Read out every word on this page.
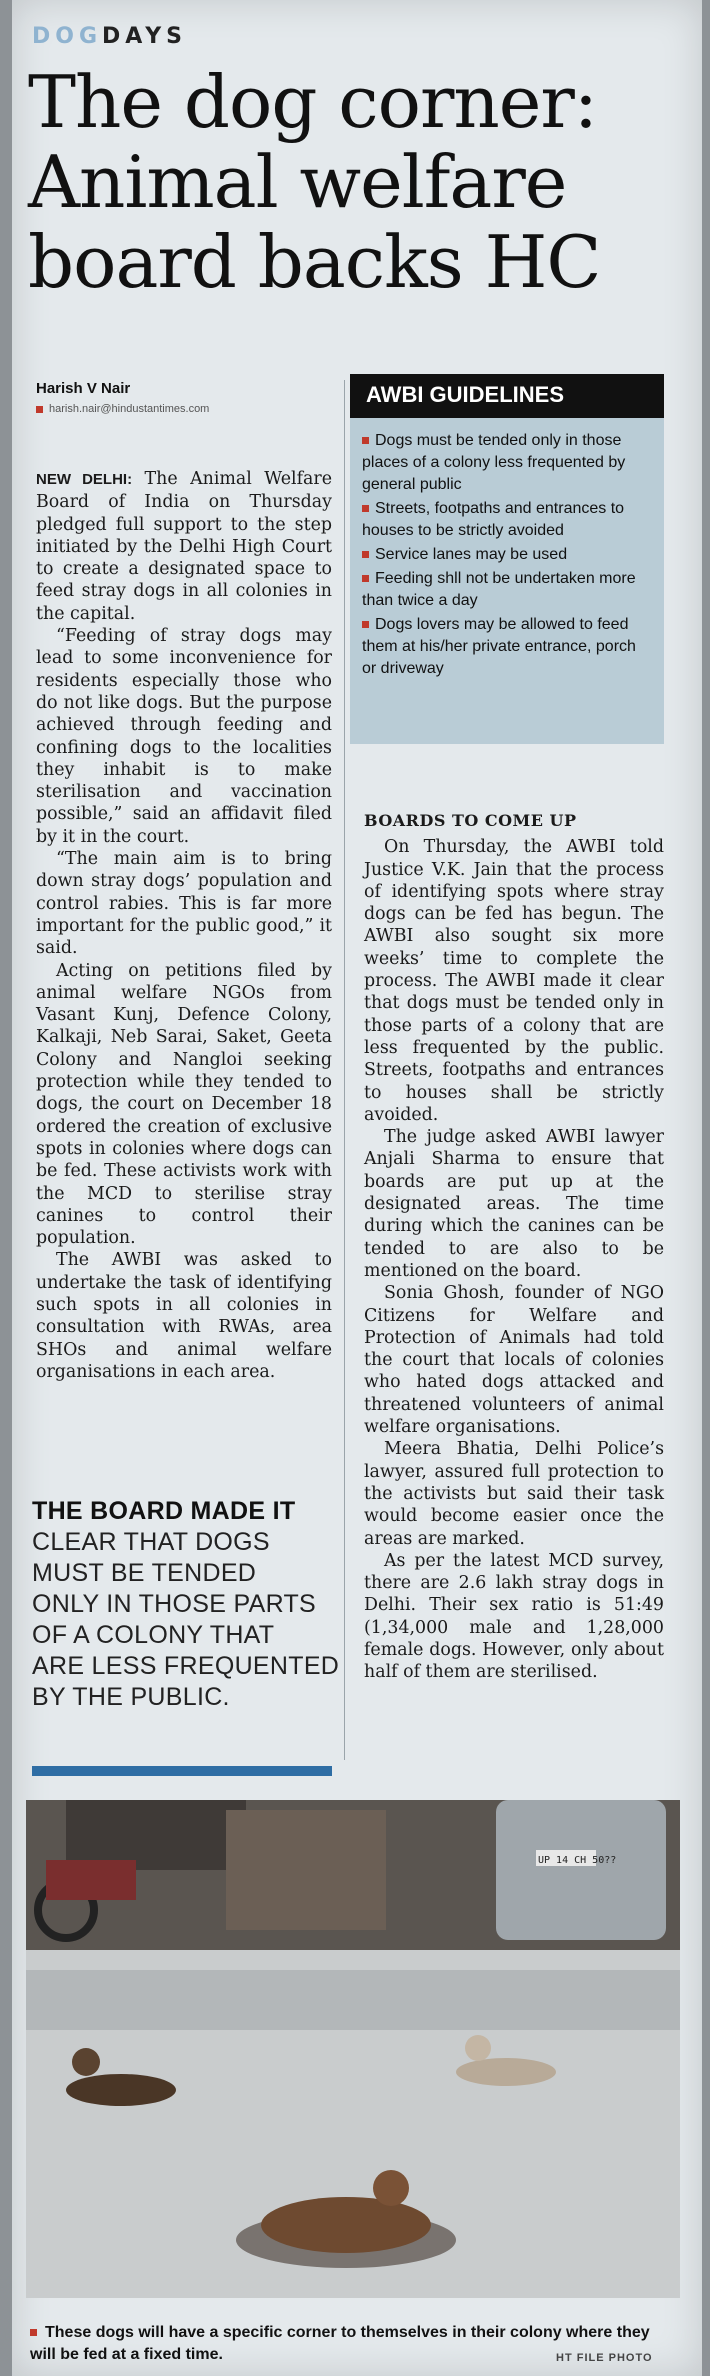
DOGDAYS
The dog corner: Animal welfare board backs HC
Harish V Nair
harish.nair@hindustantimes.com
AWBI GUIDELINES
Dogs must be tended only in those places of a colony less frequented by general public
Streets, footpaths and entrances to houses to be strictly avoided
Service lanes may be used
Feeding shll not be undertaken more than twice a day
Dogs lovers may be allowed to feed them at his/her private entrance, porch or driveway

NEW DELHI: The Animal Welfare Board of India on Thursday pledged full support to the step initiated by the Delhi High Court to create a designated space to feed stray dogs in all colonies in the capital.

“Feeding of stray dogs may lead to some inconvenience for residents especially those who do not like dogs. But the purpose achieved through feeding and confining dogs to the localities they inhabit is to make sterilisation and vaccination possible,” said an affidavit filed by it in the court.

“The main aim is to bring down stray dogs’ population and control rabies. This is far more important for the public good,” it said.

Acting on petitions filed by animal welfare NGOs from Vasant Kunj, Defence Colony, Kalkaji, Neb Sarai, Saket, Geeta Colony and Nangloi seeking protection while they tended to dogs, the court on December 18 ordered the creation of exclusive spots in colonies where dogs can be fed. These activists work with the MCD to sterilise stray canines to control their population.

The AWBI was asked to undertake the task of identifying such spots in all colonies in consultation with RWAs, area SHOs and animal welfare organisations in each area.

THE BOARD MADE IT
CLEAR THAT DOGS
MUST BE TENDED
ONLY IN THOSE PARTS
OF A COLONY THAT
ARE LESS FREQUENTED
BY THE PUBLIC.
BOARDS TO COME UP

On Thursday, the AWBI told Justice V.K. Jain that the process of identifying spots where stray dogs can be fed has begun. The AWBI also sought six more weeks’ time to complete the process. The AWBI made it clear that dogs must be tended only in those parts of a colony that are less frequented by the public. Streets, footpaths and entrances to houses shall be strictly avoided.

The judge asked AWBI lawyer Anjali Sharma to ensure that boards are put up at the designated areas. The time during which the canines can be tended to are also to be mentioned on the board.

Sonia Ghosh, founder of NGO Citizens for Welfare and Protection of Animals had told the court that locals of colonies who hated dogs attacked and threatened volunteers of animal welfare organisations.

Meera Bhatia, Delhi Police’s lawyer, assured full protection to the activists but said their task would become easier once the areas are marked.

As per the latest MCD survey, there are 2.6 lakh stray dogs in Delhi. Their sex ratio is 51:49 (1,34,000 male and 1,28,000 female dogs. However, only about half of them are sterilised.

UP 14 CH 50??
These dogs will have a specific corner to themselves in their colony where they will be fed at a fixed time.	HT FILE PHOTO
